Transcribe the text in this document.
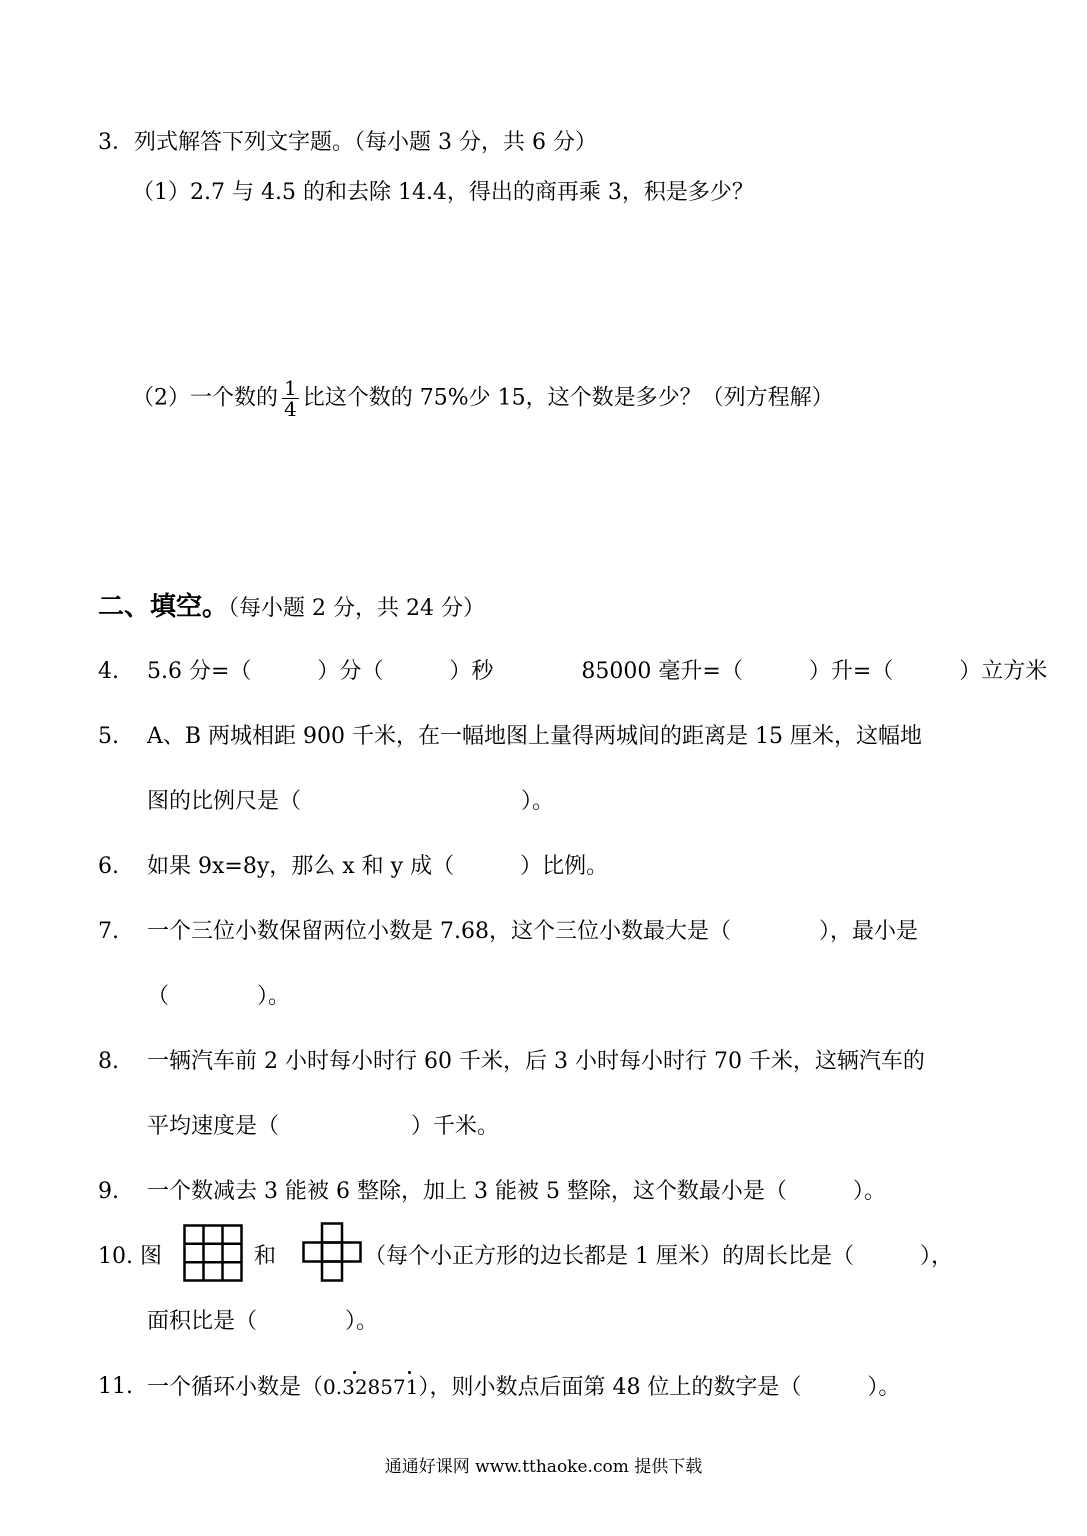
3．列式解答下列文字题。（每小题 3 分，共 6 分）
（1）2.7 与 4.5 的和去除 14.4，得出的商再乘 3，积是多少？
（2）一个数的 $\frac{1}{4}$ 比这个数的 75%少 15，这个数是多少？（列方程解）
二、填空。（每小题 2 分，共 24 分）
4. 5.6 分=（　　　）分（　　　）秒　　　　85000 毫升=（　　　）升=（　　　）立方米
5. A、B 两城相距 900 千米，在一幅地图上量得两城间的距离是 15 厘米，这幅地
图的比例尺是（　　　　　　　　　　）。
6. 如果 9x=8y，那么 x 和 y 成（　　　）比例。
7. 一个三位小数保留两位小数是 7.68，这个三位小数最大是（　　　　），最小是
（　　　　）。
8. 一辆汽车前 2 小时每小时行 60 千米，后 3 小时每小时行 70 千米，这辆汽车的
平均速度是（　　　　　　）千米。
9. 一个数减去 3 能被 6 整除，加上 3 能被 5 整除，这个数最小是（　　　）。
10. 图	和	（每个小正方形的边长都是 1 厘米）的周长比是（　　　），
面积比是（　　　　）。
11. 一个循环小数是（0.328571
），则小数点后面第 48 位上的数字是（　　　）。
通通好课网 www.tthaoke.com 提供下载
